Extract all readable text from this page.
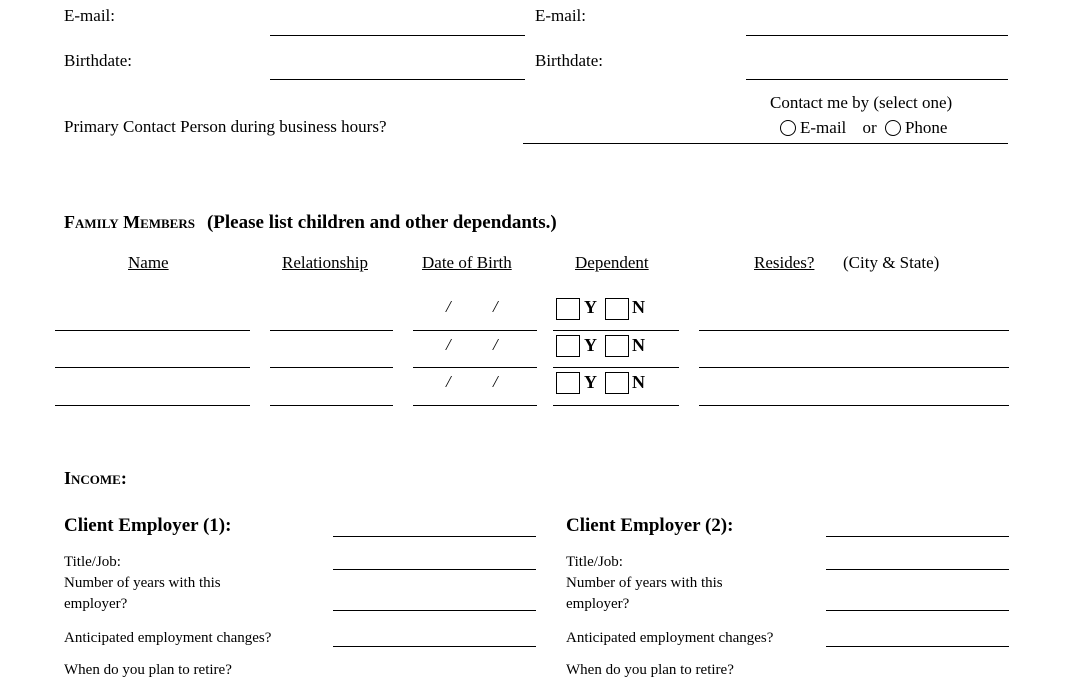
E-mail:	E-mail:
Birthdate:	Birthdate:
Primary Contact Person during business hours?
Contact me by (select one)
E-mail or Phone
Family Members (Please list children and other dependants.)
Name	Relationship	Date of Birth	Dependent	Resides? (City & State)
/ /	Y N
/ /	Y N
/ /	Y N
Income:
Client Employer (1):
Title/Job:
Number of years with this
employer?
Anticipated employment changes?
When do you plan to retire?
Client Employer (2):
Title/Job:
Number of years with this
employer?
Anticipated employment changes?
When do you plan to retire?
